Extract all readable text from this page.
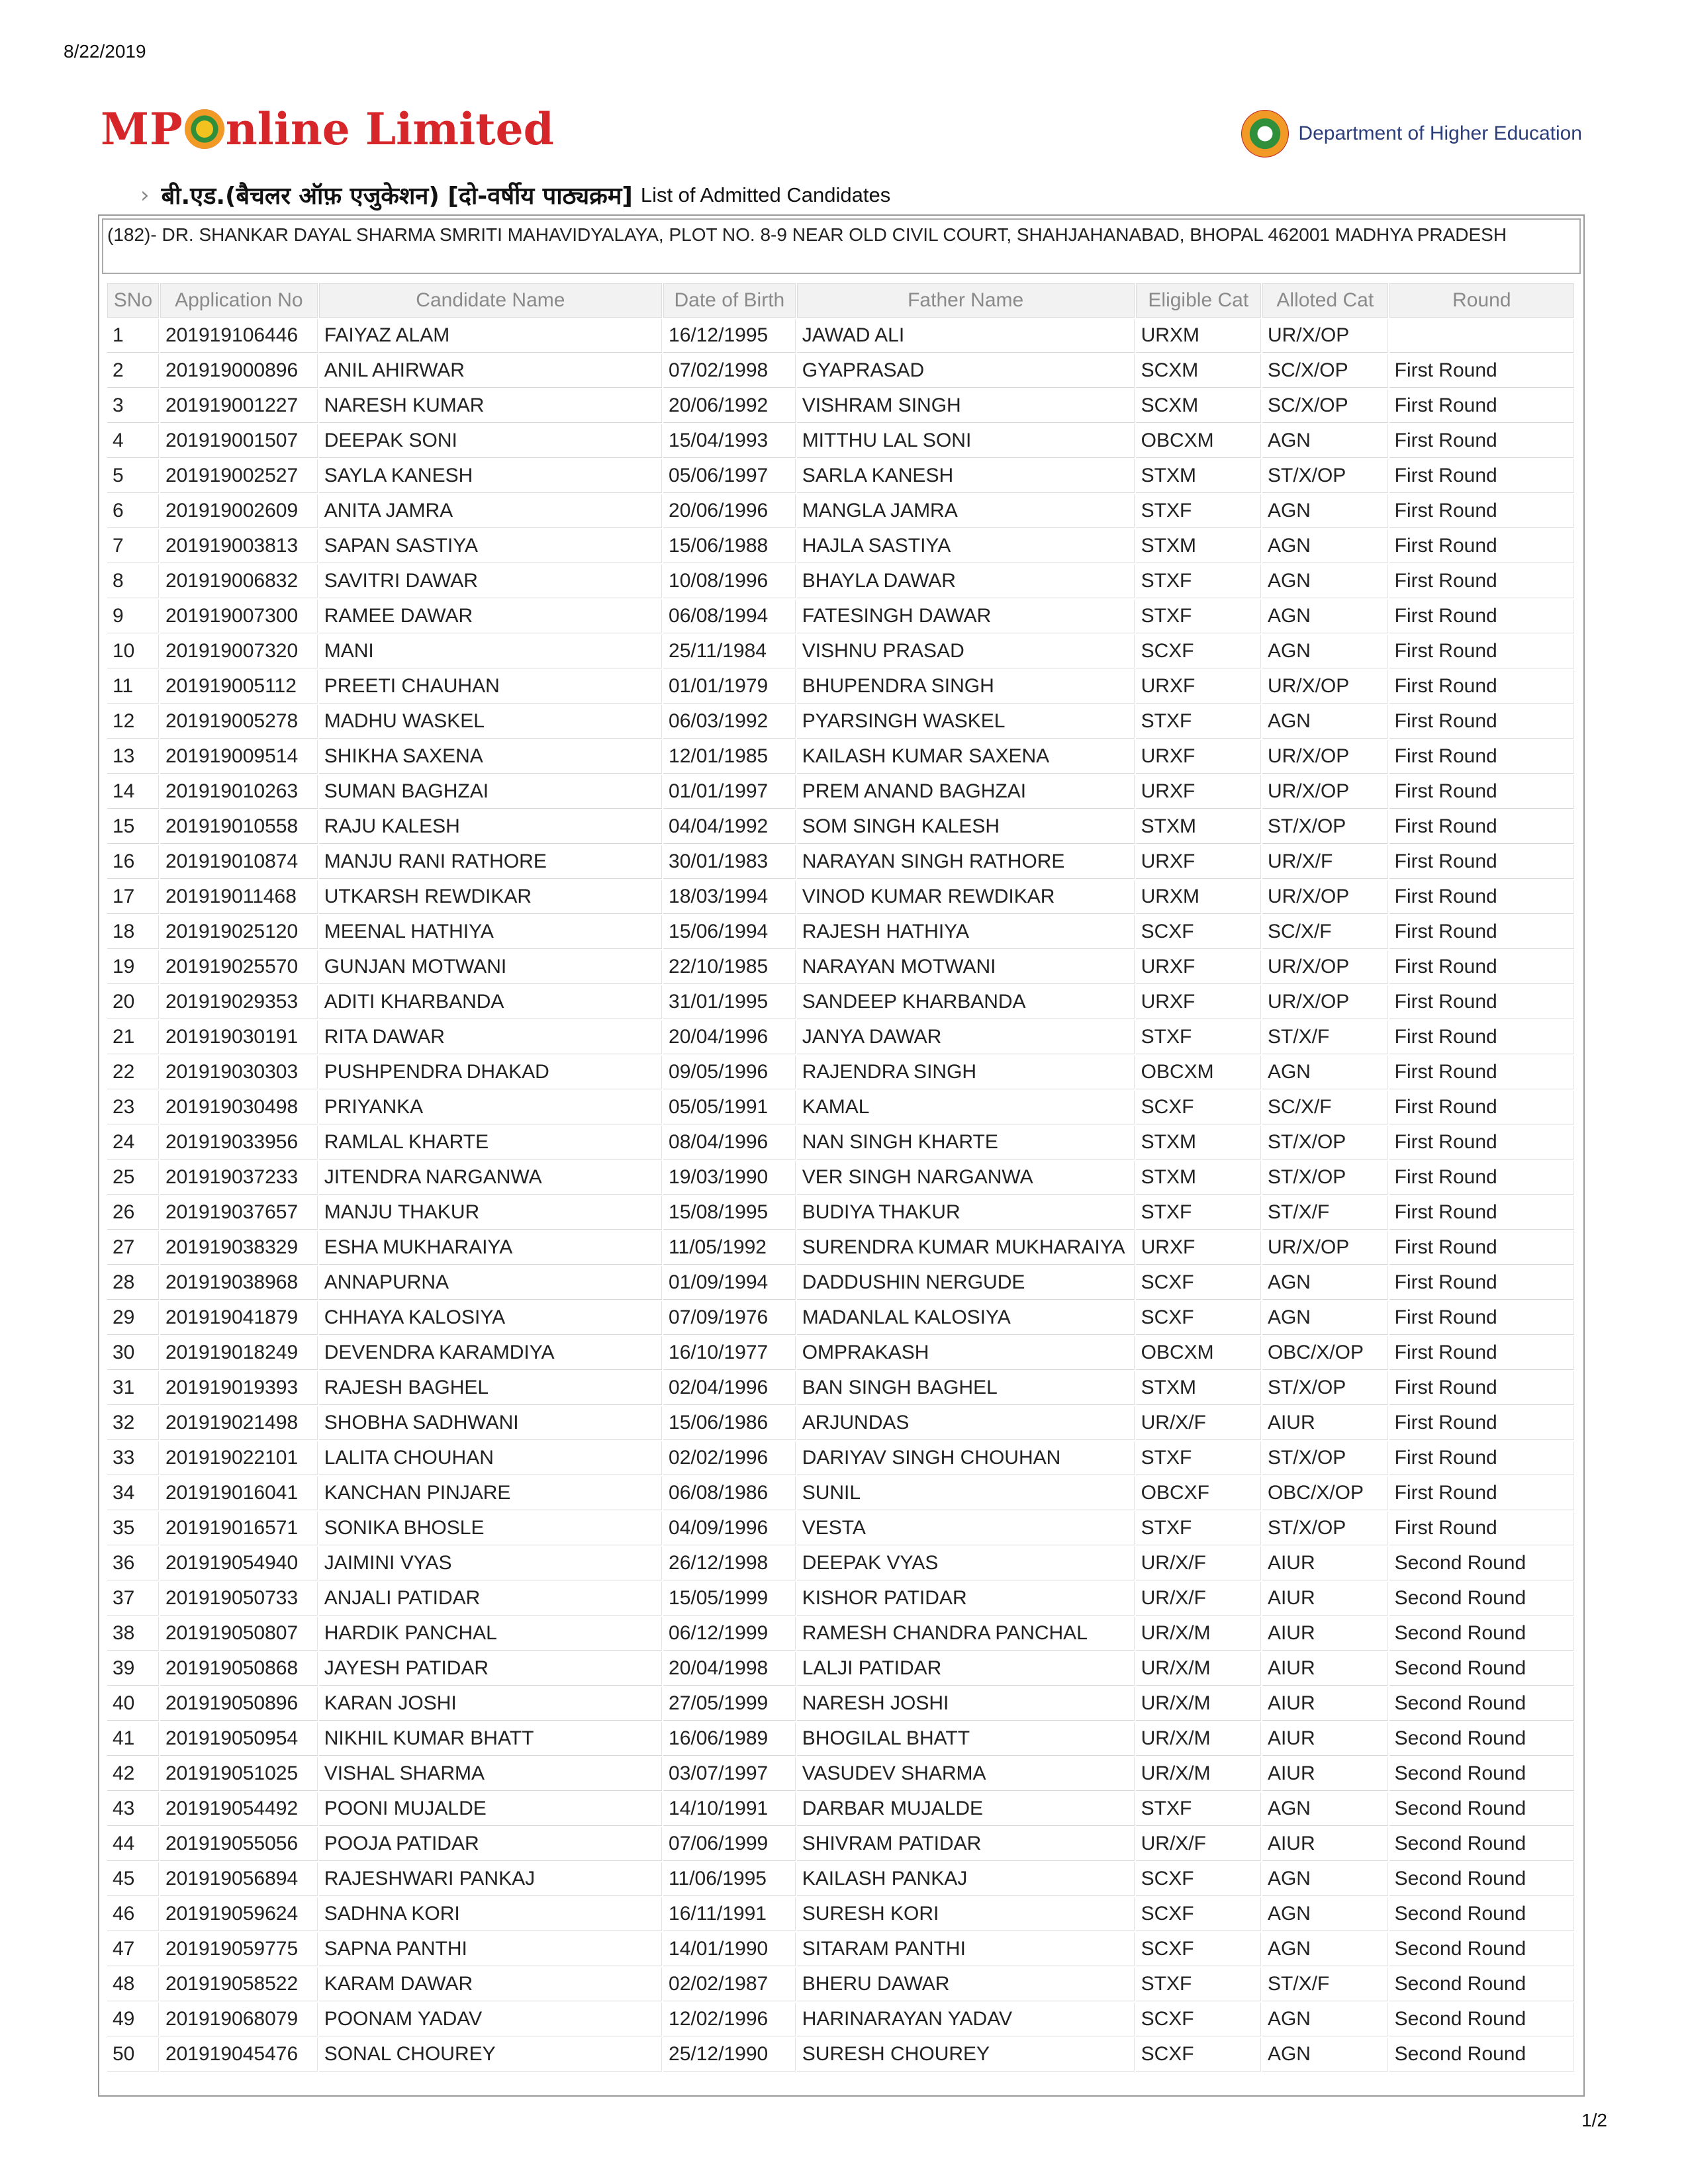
8/22/2019
MP nline Limited	Department of Higher Education
› बी.एड.(बैचलर ऑफ़ एजुकेशन) [दो-वर्षीय पाठ्यक्रम] List of Admitted Candidates
(182)- DR. SHANKAR DAYAL SHARMA SMRITI MAHAVIDYALAYA, PLOT NO. 8-9 NEAR OLD CIVIL COURT, SHAHJAHANABAD, BHOPAL 462001 MADHYA PRADESH
SNo	Application No	Candidate Name	Date of Birth	Father Name	Eligible Cat	Alloted Cat	Round
1	201919106446	FAIYAZ ALAM	16/12/1995	JAWAD ALI	URXM	UR/X/OP	
2	201919000896	ANIL AHIRWAR	07/02/1998	GYAPRASAD	SCXM	SC/X/OP	First Round
3	201919001227	NARESH KUMAR	20/06/1992	VISHRAM SINGH	SCXM	SC/X/OP	First Round
4	201919001507	DEEPAK SONI	15/04/1993	MITTHU LAL SONI	OBCXM	AGN	First Round
5	201919002527	SAYLA KANESH	05/06/1997	SARLA KANESH	STXM	ST/X/OP	First Round
6	201919002609	ANITA JAMRA	20/06/1996	MANGLA JAMRA	STXF	AGN	First Round
7	201919003813	SAPAN SASTIYA	15/06/1988	HAJLA SASTIYA	STXM	AGN	First Round
8	201919006832	SAVITRI DAWAR	10/08/1996	BHAYLA DAWAR	STXF	AGN	First Round
9	201919007300	RAMEE DAWAR	06/08/1994	FATESINGH DAWAR	STXF	AGN	First Round
10	201919007320	MANI	25/11/1984	VISHNU PRASAD	SCXF	AGN	First Round
11	201919005112	PREETI CHAUHAN	01/01/1979	BHUPENDRA SINGH	URXF	UR/X/OP	First Round
12	201919005278	MADHU WASKEL	06/03/1992	PYARSINGH WASKEL	STXF	AGN	First Round
13	201919009514	SHIKHA SAXENA	12/01/1985	KAILASH KUMAR SAXENA	URXF	UR/X/OP	First Round
14	201919010263	SUMAN BAGHZAI	01/01/1997	PREM ANAND BAGHZAI	URXF	UR/X/OP	First Round
15	201919010558	RAJU KALESH	04/04/1992	SOM SINGH KALESH	STXM	ST/X/OP	First Round
16	201919010874	MANJU RANI RATHORE	30/01/1983	NARAYAN SINGH RATHORE	URXF	UR/X/F	First Round
17	201919011468	UTKARSH REWDIKAR	18/03/1994	VINOD KUMAR REWDIKAR	URXM	UR/X/OP	First Round
18	201919025120	MEENAL HATHIYA	15/06/1994	RAJESH HATHIYA	SCXF	SC/X/F	First Round
19	201919025570	GUNJAN MOTWANI	22/10/1985	NARAYAN MOTWANI	URXF	UR/X/OP	First Round
20	201919029353	ADITI KHARBANDA	31/01/1995	SANDEEP KHARBANDA	URXF	UR/X/OP	First Round
21	201919030191	RITA DAWAR	20/04/1996	JANYA DAWAR	STXF	ST/X/F	First Round
22	201919030303	PUSHPENDRA DHAKAD	09/05/1996	RAJENDRA SINGH	OBCXM	AGN	First Round
23	201919030498	PRIYANKA	05/05/1991	KAMAL	SCXF	SC/X/F	First Round
24	201919033956	RAMLAL KHARTE	08/04/1996	NAN SINGH KHARTE	STXM	ST/X/OP	First Round
25	201919037233	JITENDRA NARGANWA	19/03/1990	VER SINGH NARGANWA	STXM	ST/X/OP	First Round
26	201919037657	MANJU THAKUR	15/08/1995	BUDIYA THAKUR	STXF	ST/X/F	First Round
27	201919038329	ESHA MUKHARAIYA	11/05/1992	SURENDRA KUMAR MUKHARAIYA	URXF	UR/X/OP	First Round
28	201919038968	ANNAPURNA	01/09/1994	DADDUSHIN NERGUDE	SCXF	AGN	First Round
29	201919041879	CHHAYA KALOSIYA	07/09/1976	MADANLAL KALOSIYA	SCXF	AGN	First Round
30	201919018249	DEVENDRA KARAMDIYA	16/10/1977	OMPRAKASH	OBCXM	OBC/X/OP	First Round
31	201919019393	RAJESH BAGHEL	02/04/1996	BAN SINGH BAGHEL	STXM	ST/X/OP	First Round
32	201919021498	SHOBHA SADHWANI	15/06/1986	ARJUNDAS	UR/X/F	AIUR	First Round
33	201919022101	LALITA CHOUHAN	02/02/1996	DARIYAV SINGH CHOUHAN	STXF	ST/X/OP	First Round
34	201919016041	KANCHAN PINJARE	06/08/1986	SUNIL	OBCXF	OBC/X/OP	First Round
35	201919016571	SONIKA BHOSLE	04/09/1996	VESTA	STXF	ST/X/OP	First Round
36	201919054940	JAIMINI VYAS	26/12/1998	DEEPAK VYAS	UR/X/F	AIUR	Second Round
37	201919050733	ANJALI PATIDAR	15/05/1999	KISHOR PATIDAR	UR/X/F	AIUR	Second Round
38	201919050807	HARDIK PANCHAL	06/12/1999	RAMESH CHANDRA PANCHAL	UR/X/M	AIUR	Second Round
39	201919050868	JAYESH PATIDAR	20/04/1998	LALJI PATIDAR	UR/X/M	AIUR	Second Round
40	201919050896	KARAN JOSHI	27/05/1999	NARESH JOSHI	UR/X/M	AIUR	Second Round
41	201919050954	NIKHIL KUMAR BHATT	16/06/1989	BHOGILAL BHATT	UR/X/M	AIUR	Second Round
42	201919051025	VISHAL SHARMA	03/07/1997	VASUDEV SHARMA	UR/X/M	AIUR	Second Round
43	201919054492	POONI MUJALDE	14/10/1991	DARBAR MUJALDE	STXF	AGN	Second Round
44	201919055056	POOJA PATIDAR	07/06/1999	SHIVRAM PATIDAR	UR/X/F	AIUR	Second Round
45	201919056894	RAJESHWARI PANKAJ	11/06/1995	KAILASH PANKAJ	SCXF	AGN	Second Round
46	201919059624	SADHNA KORI	16/11/1991	SURESH KORI	SCXF	AGN	Second Round
47	201919059775	SAPNA PANTHI	14/01/1990	SITARAM PANTHI	SCXF	AGN	Second Round
48	201919058522	KARAM DAWAR	02/02/1987	BHERU DAWAR	STXF	ST/X/F	Second Round
49	201919068079	POONAM YADAV	12/02/1996	HARINARAYAN YADAV	SCXF	AGN	Second Round
50	201919045476	SONAL CHOUREY	25/12/1990	SURESH CHOUREY	SCXF	AGN	Second Round
1/2
